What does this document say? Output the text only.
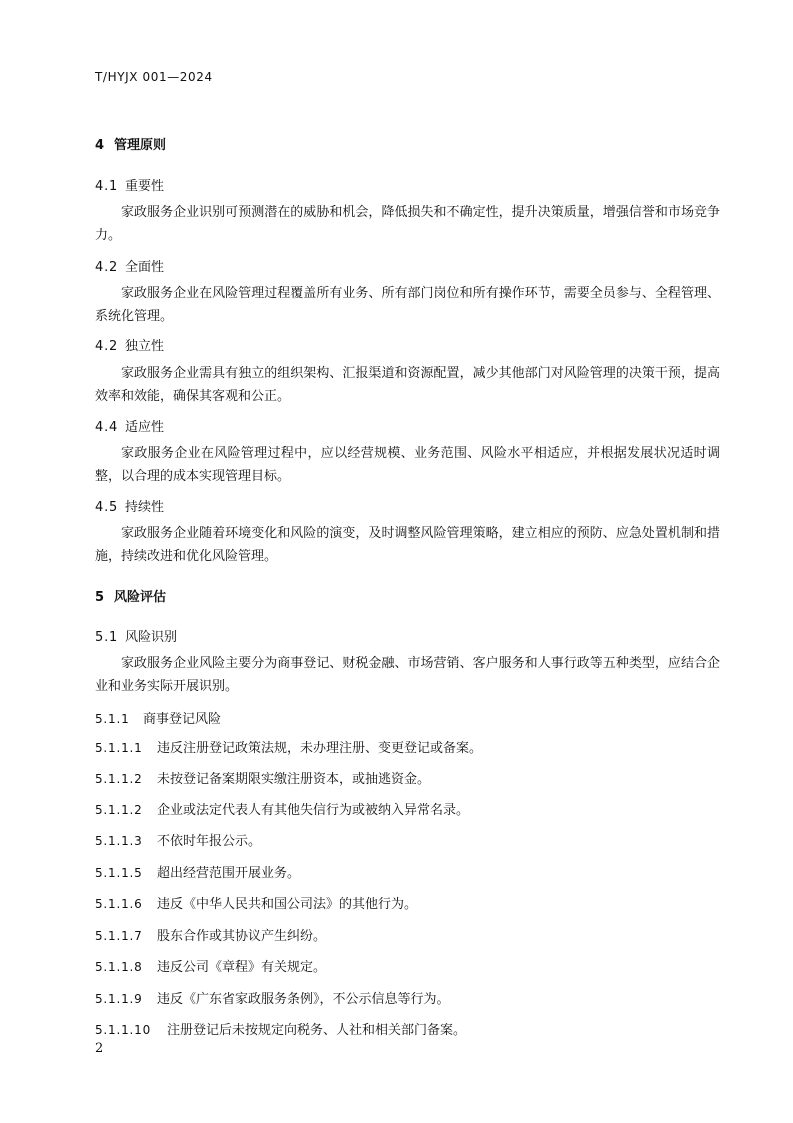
T/HYJX 001—2024
4 管理原则
4.1 重要性

家政服务企业识别可预测潜在的威胁和机会，降低损失和不确定性，提升决策质量，增强信誉和市场竞争力。

4.2 全面性

家政服务企业在风险管理过程覆盖所有业务、所有部门岗位和所有操作环节，需要全员参与、全程管理、系统化管理。

4.2 独立性

家政服务企业需具有独立的组织架构、汇报渠道和资源配置，减少其他部门对风险管理的决策干预，提高效率和效能，确保其客观和公正。

4.4 适应性

家政服务企业在风险管理过程中，应以经营规模、业务范围、风险水平相适应，并根据发展状况适时调整，以合理的成本实现管理目标。

4.5 持续性

家政服务企业随着环境变化和风险的演变，及时调整风险管理策略，建立相应的预防、应急处置机制和措施，持续改进和优化风险管理。

5 风险评估
5.1 风险识别

家政服务企业风险主要分为商事登记、财税金融、市场营销、客户服务和人事行政等五种类型，应结合企业和业务实际开展识别。

5.1.1 商事登记风险
5.1.1.1 违反注册登记政策法规，未办理注册、变更登记或备案。
5.1.1.2 未按登记备案期限实缴注册资本，或抽逃资金。
5.1.1.2 企业或法定代表人有其他失信行为或被纳入异常名录。
5.1.1.3 不依时年报公示。
5.1.1.5 超出经营范围开展业务。
5.1.1.6 违反《中华人民共和国公司法》的其他行为。
5.1.1.7 股东合作或其协议产生纠纷。
5.1.1.8 违反公司《章程》有关规定。
5.1.1.9 违反《广东省家政服务条例》，不公示信息等行为。
5.1.1.10 注册登记后未按规定向税务、人社和相关部门备案。
2
